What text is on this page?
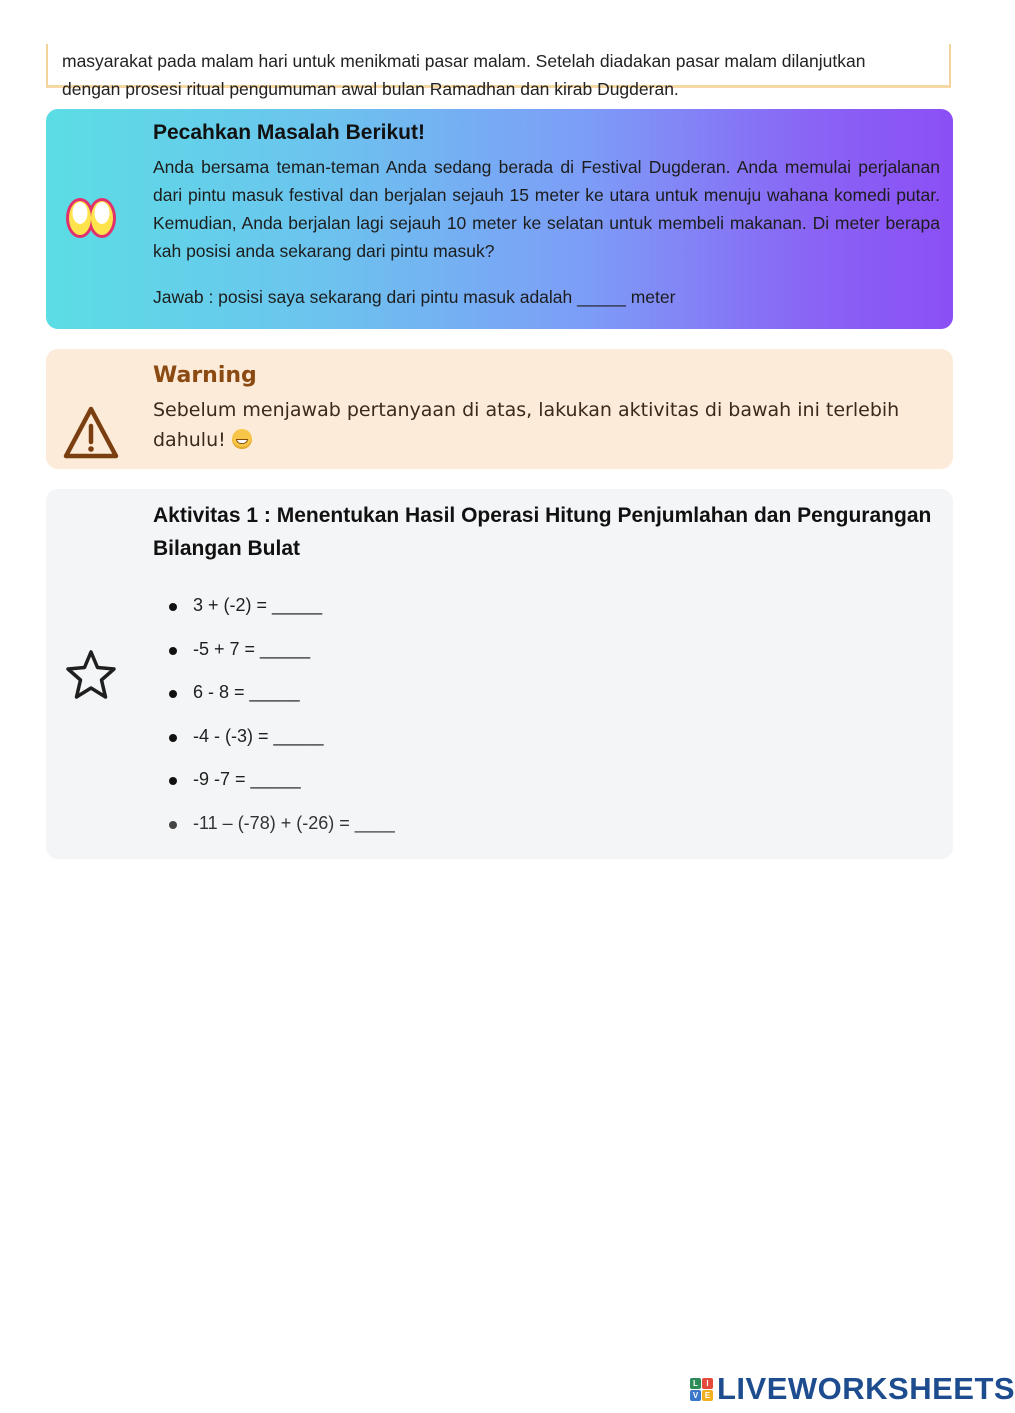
masyarakat pada malam hari untuk menikmati pasar malam. Setelah diadakan pasar malam dilanjutkan
dengan prosesi ritual pengumuman awal bulan Ramadhan dan kirab Dugderan.

Pecahkan Masalah Berikut!

Anda bersama teman-teman Anda sedang berada di Festival Dugderan. Anda memulai perjalanan dari pintu masuk festival dan berjalan sejauh 15 meter ke utara untuk menuju wahana komedi putar. Kemudian, Anda berjalan lagi sejauh 10 meter ke selatan untuk membeli makanan. Di meter berapa kah posisi anda sekarang dari pintu masuk?

Jawab : posisi saya sekarang dari pintu masuk adalah _____ meter
Warning

Sebelum menjawab pertanyaan di atas, lakukan aktivitas di bawah ini terlebih dahulu!

Aktivitas 1 : Menentukan Hasil Operasi Hitung Penjumlahan dan Pengurangan Bilangan Bulat

3 + (-2) = _____
-5 + 7 = _____
6 - 8 = _____
-4 - (-3) = _____
-9 -7 = _____
-11 – (-78) + (-26) = ____
L	I
V E LIVEWORKSHEETS
